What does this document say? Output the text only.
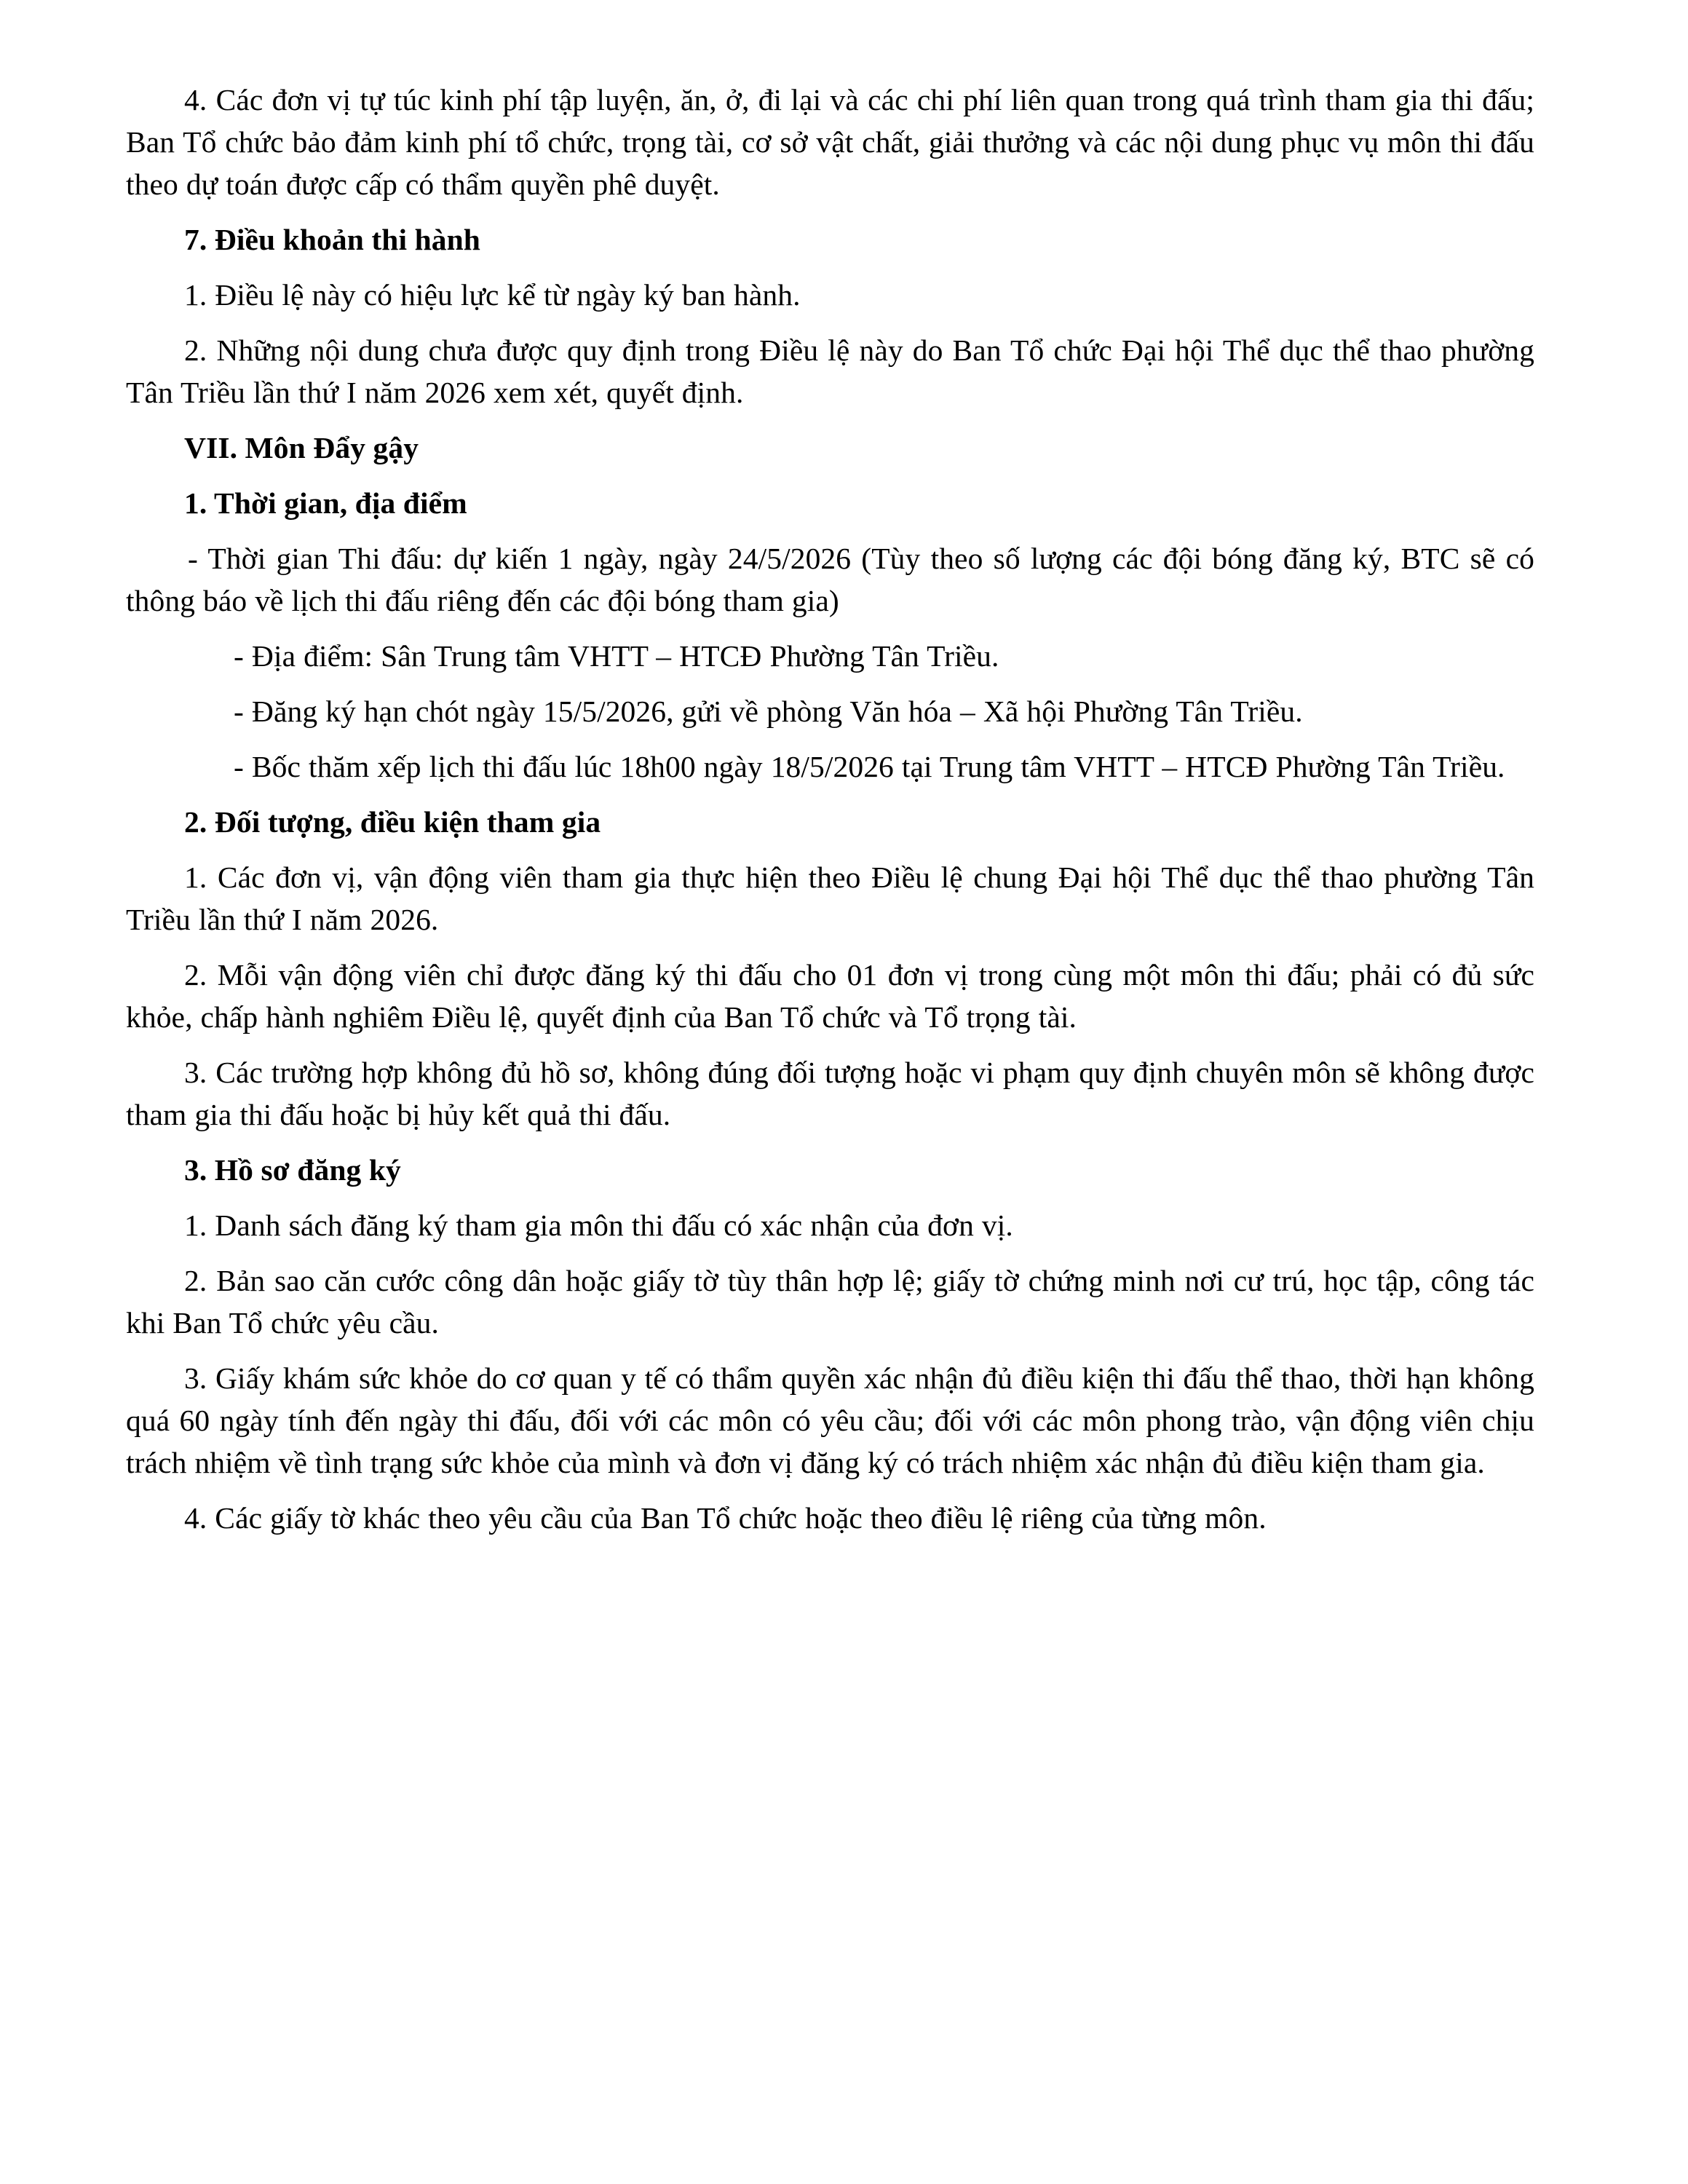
4. Các đơn vị tự túc kinh phí tập luyện, ăn, ở, đi lại và các chi phí liên quan trong quá trình tham gia thi đấu; Ban Tổ chức bảo đảm kinh phí tổ chức, trọng tài, cơ sở vật chất, giải thưởng và các nội dung phục vụ môn thi đấu theo dự toán được cấp có thẩm quyền phê duyệt.

7. Điều khoản thi hành

1. Điều lệ này có hiệu lực kể từ ngày ký ban hành.

2. Những nội dung chưa được quy định trong Điều lệ này do Ban Tổ chức Đại hội Thể dục thể thao phường Tân Triều lần thứ I năm 2026 xem xét, quyết định.

VII. Môn Đẩy gậy

1. Thời gian, địa điểm

- Thời gian Thi đấu: dự kiến 1 ngày, ngày 24/5/2026 (Tùy theo số lượng các đội bóng đăng ký, BTC sẽ có thông báo về lịch thi đấu riêng đến các đội bóng tham gia)

- Địa điểm: Sân Trung tâm VHTT – HTCĐ Phường Tân Triều.

- Đăng ký hạn chót ngày 15/5/2026, gửi về phòng Văn hóa – Xã hội Phường Tân Triều.

- Bốc thăm xếp lịch thi đấu lúc 18h00 ngày 18/5/2026 tại Trung tâm VHTT – HTCĐ Phường Tân Triều.

2. Đối tượng, điều kiện tham gia

1. Các đơn vị, vận động viên tham gia thực hiện theo Điều lệ chung Đại hội Thể dục thể thao phường Tân Triều lần thứ I năm 2026.

2. Mỗi vận động viên chỉ được đăng ký thi đấu cho 01 đơn vị trong cùng một môn thi đấu; phải có đủ sức khỏe, chấp hành nghiêm Điều lệ, quyết định của Ban Tổ chức và Tổ trọng tài.

3. Các trường hợp không đủ hồ sơ, không đúng đối tượng hoặc vi phạm quy định chuyên môn sẽ không được tham gia thi đấu hoặc bị hủy kết quả thi đấu.

3. Hồ sơ đăng ký

1. Danh sách đăng ký tham gia môn thi đấu có xác nhận của đơn vị.

2. Bản sao căn cước công dân hoặc giấy tờ tùy thân hợp lệ; giấy tờ chứng minh nơi cư trú, học tập, công tác khi Ban Tổ chức yêu cầu.

3. Giấy khám sức khỏe do cơ quan y tế có thẩm quyền xác nhận đủ điều kiện thi đấu thể thao, thời hạn không quá 60 ngày tính đến ngày thi đấu, đối với các môn có yêu cầu; đối với các môn phong trào, vận động viên chịu trách nhiệm về tình trạng sức khỏe của mình và đơn vị đăng ký có trách nhiệm xác nhận đủ điều kiện tham gia.

4. Các giấy tờ khác theo yêu cầu của Ban Tổ chức hoặc theo điều lệ riêng của từng môn.
